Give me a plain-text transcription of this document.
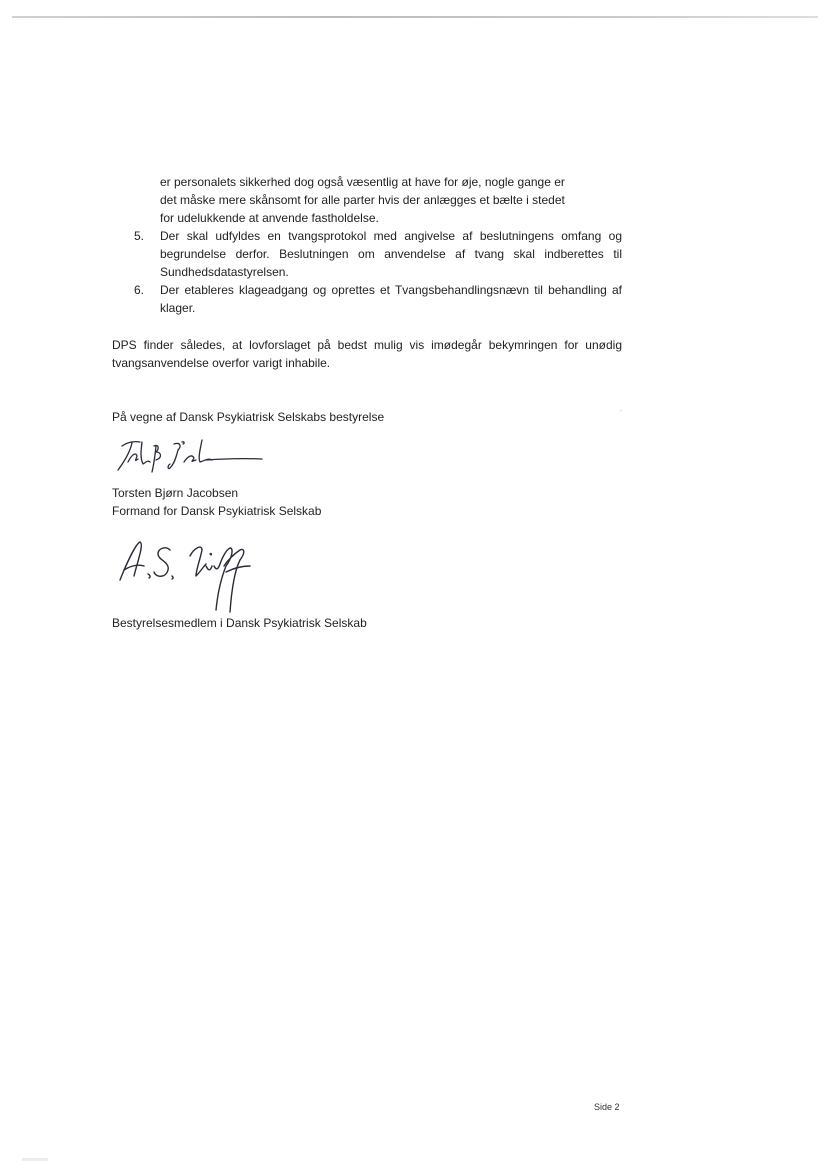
er personalets sikkerhed dog også væsentlig at have for øje, nogle gange er

det måske mere skånsomt for alle parter hvis der anlægges et bælte i stedet

for udelukkende at anvende fastholdelse.

5. Der skal udfyldes en tvangsprotokol med angivelse af beslutningens omfang og begrundelse derfor. Beslutningen om anvendelse af tvang skal indberettes til Sundhedsdatastyrelsen.
6. Der etableres klageadgang og oprettes et Tvangsbehandlingsnævn til behandling af klager.

DPS finder således, at lovforslaget på bedst mulig vis imødegår bekymringen for unødig tvangsanvendelse overfor varigt inhabile.

På vegne af Dansk Psykiatrisk Selskabs bestyrelse

Torsten Bjørn Jacobsen

Formand for Dansk Psykiatrisk Selskab

Bestyrelsesmedlem i Dansk Psykiatrisk Selskab

Side 2
